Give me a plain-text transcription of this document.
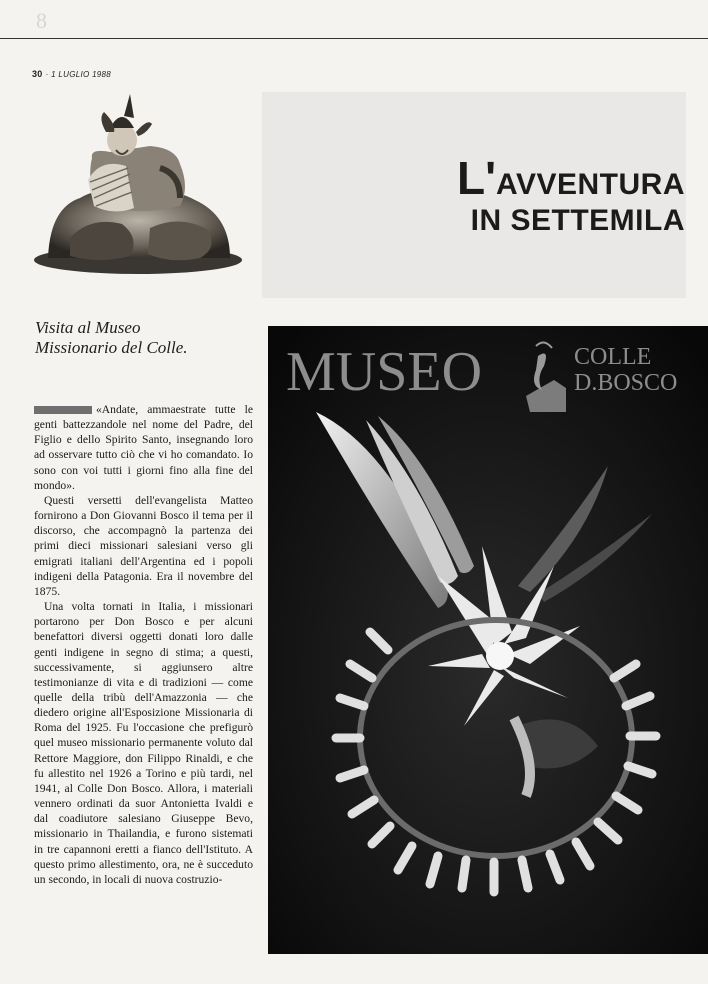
8
30 · 1 LUGLIO 1988
L'AVVENTURA
IN SETTEMILA
Visita al Museo
Missionario del Colle.

«Andate, ammaestrate tutte le genti battezzandole nel nome del Padre, del Figlio e dello Spirito Santo, insegnando loro ad osservare tutto ciò che vi ho comandato. Io sono con voi tutti i giorni fino alla fine del mondo».

Questi versetti dell'evangelista Matteo fornirono a Don Giovanni Bosco il tema per il discorso, che accompagnò la partenza dei primi dieci missionari salesiani verso gli emigrati italiani dell'Argentina ed i popoli indigeni della Patagonia. Era il novembre del 1875.

Una volta tornati in Italia, i missionari portarono per Don Bosco e per alcuni benefattori diversi oggetti donati loro dalle genti indigene in segno di stima; a questi, successivamente, si aggiunsero altre testimonianze di vita e di tradizioni — come quelle della tribù dell'Amazzonia — che diedero origine all'Esposizione Missionaria di Roma del 1925. Fu l'occasione che prefigurò quel museo missionario permanente voluto dal Rettore Maggiore, don Filippo Rinaldi, e che fu allestito nel 1926 a Torino e più tardi, nel 1941, al Colle Don Bosco. Allora, i materiali vennero ordinati da suor Antonietta Ivaldi e dal coadiutore salesiano Giuseppe Bevo, missionario in Thailandia, e furono sistemati in tre capannoni eretti a fianco dell'Istituto. A questo primo allestimento, ora, ne è succeduto un secondo, in locali di nuova costruzio-

MUSEO	COLLE
D.BOSCO
